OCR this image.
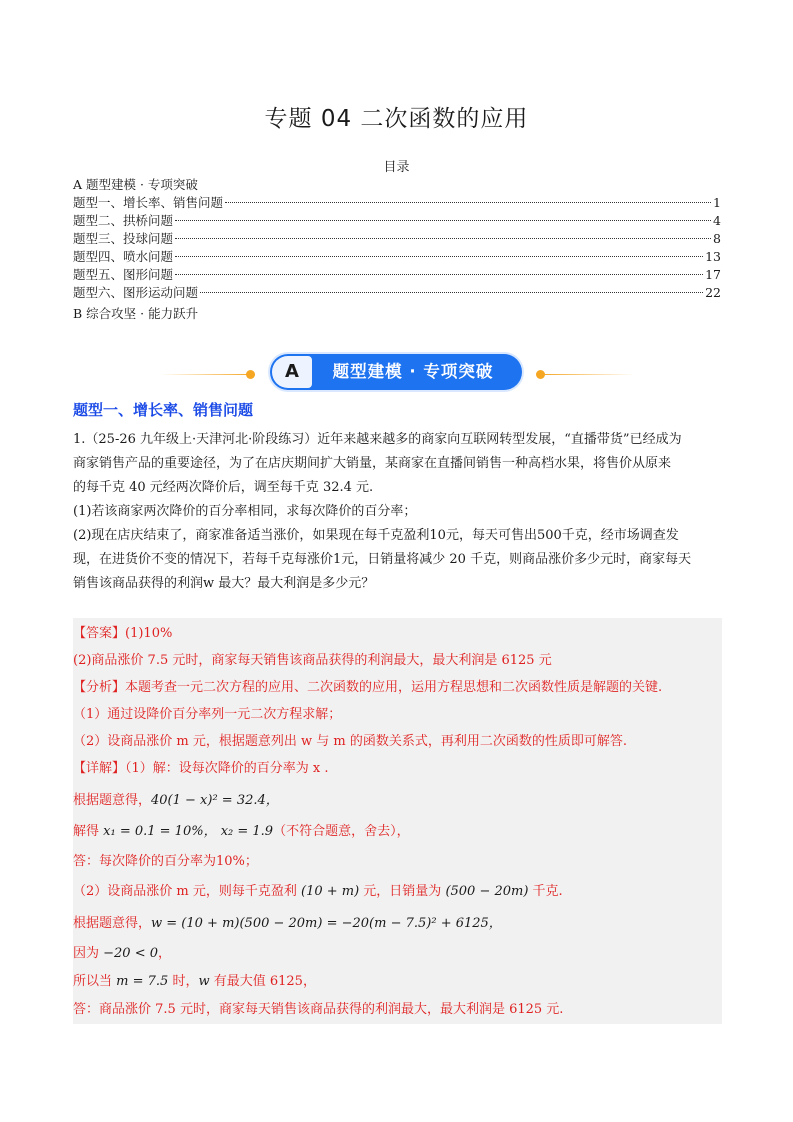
专题 04 二次函数的应用
目录
A 题型建模 · 专项突破
题型一、增长率、销售问题	1
题型二、拱桥问题	4
题型三、投球问题	8
题型四、喷水问题	13
题型五、图形问题	17
题型六、图形运动问题	22
B 综合攻坚 · 能力跃升
A	题型建模 · 专项突破
题型一、增长率、销售问题

1.（25-26 九年级上·天津河北·阶段练习）近年来越来越多的商家向互联网转型发展，“直播带货”已经成为

商家销售产品的重要途径，为了在店庆期间扩大销量，某商家在直播间销售一种高档水果，将售价从原来

的每千克 40 元经两次降价后，调至每千克 32.4 元.

(1)若该商家两次降价的百分率相同，求每次降价的百分率；

(2)现在店庆结束了，商家准备适当涨价，如果现在每千克盈利10元，每天可售出500千克，经市场调查发

现，在进货价不变的情况下，若每千克每涨价1元，日销量将减少 20 千克，则商品涨价多少元时，商家每天

销售该商品获得的利润w 最大？最大利润是多少元？

【答案】(1)10%
(2)商品涨价 7.5 元时，商家每天销售该商品获得的利润最大，最大利润是 6125 元
【分析】本题考查一元二次方程的应用、二次函数的应用，运用方程思想和二次函数性质是解题的关键.
（1）通过设降价百分率列一元二次方程求解；
（2）设商品涨价 m 元，根据题意列出 w 与 m 的函数关系式，再利用二次函数的性质即可解答.
【详解】（1）解：设每次降价的百分率为 x .
根据题意得，40(1 − x)² = 32.4，
解得 x₁ = 0.1 = 10%， x₂ = 1.9（不符合题意，舍去），
答：每次降价的百分率为10%；
（2）设商品涨价 m 元，则每千克盈利 (10 + m) 元，日销量为 (500 − 20m) 千克.
根据题意得，w = (10 + m)(500 − 20m) = −20(m − 7.5)² + 6125，
因为 −20 < 0，
所以当 m = 7.5 时，w 有最大值 6125，
答：商品涨价 7.5 元时，商家每天销售该商品获得的利润最大，最大利润是 6125 元.
